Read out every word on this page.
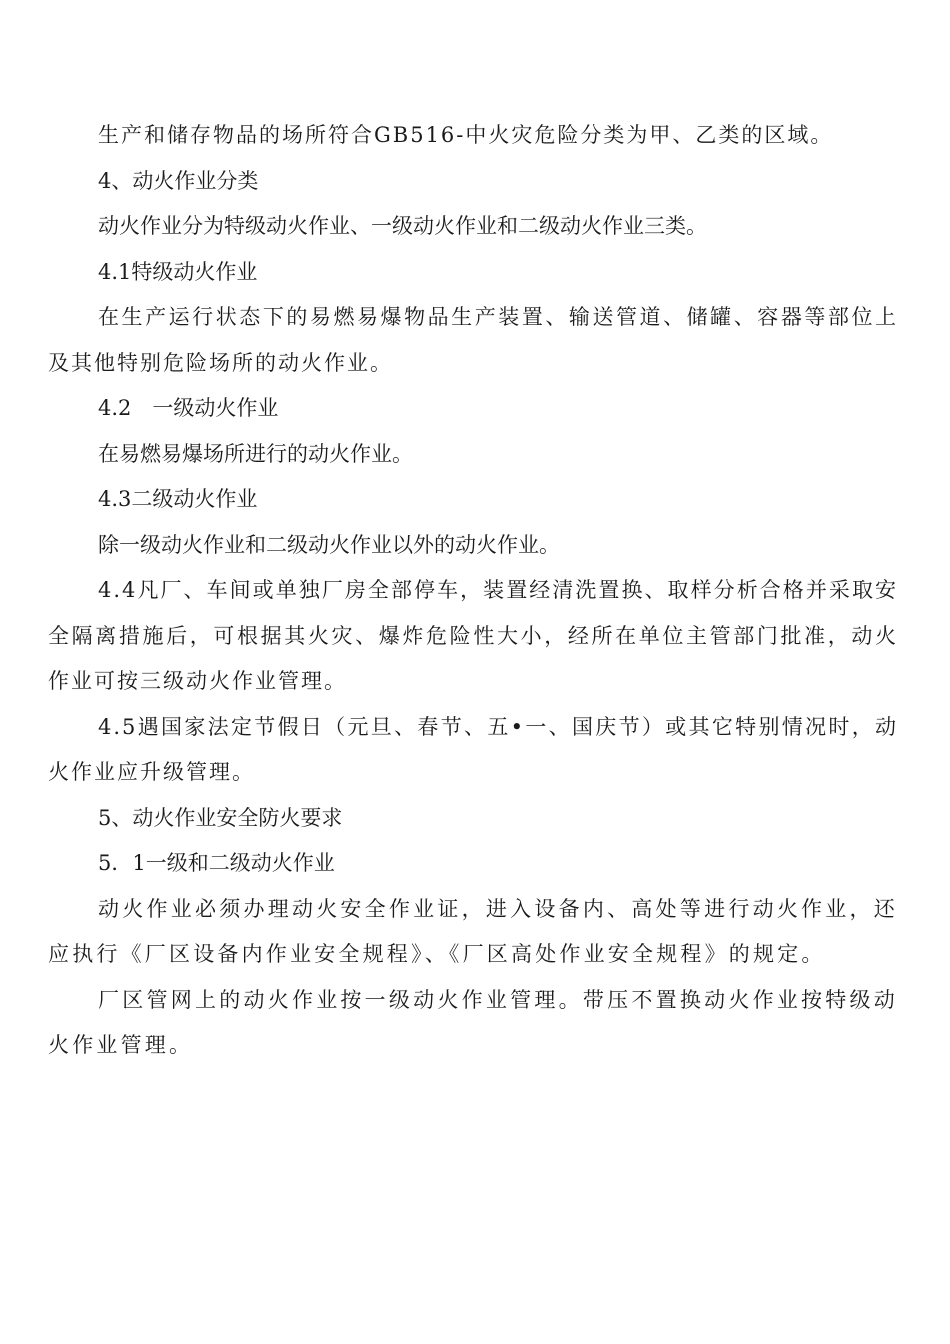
生产和储存物品的场所符合GB516-中火灾危险分类为甲、乙类的区域。

4、动火作业分类

动火作业分为特级动火作业、一级动火作业和二级动火作业三类。

4.1特级动火作业

在生产运行状态下的易燃易爆物品生产装置、输送管道、储罐、容器等部位上及其他特别危险场所的动火作业。

4.2　一级动火作业

在易燃易爆场所进行的动火作业。

4.3二级动火作业

除一级动火作业和二级动火作业以外的动火作业。

4.4凡厂、车间或单独厂房全部停车，装置经清洗置换、取样分析合格并采取安全隔离措施后，可根据其火灾、爆炸危险性大小，经所在单位主管部门批准，动火作业可按三级动火作业管理。

4.5遇国家法定节假日（元旦、春节、五•一、国庆节）或其它特别情况时，动火作业应升级管理。

5、动火作业安全防火要求

5．1一级和二级动火作业

动火作业必须办理动火安全作业证，进入设备内、高处等进行动火作业，还应执行《厂区设备内作业安全规程》、《厂区高处作业安全规程》的规定。

厂区管网上的动火作业按一级动火作业管理。带压不置换动火作业按特级动火作业管理。
